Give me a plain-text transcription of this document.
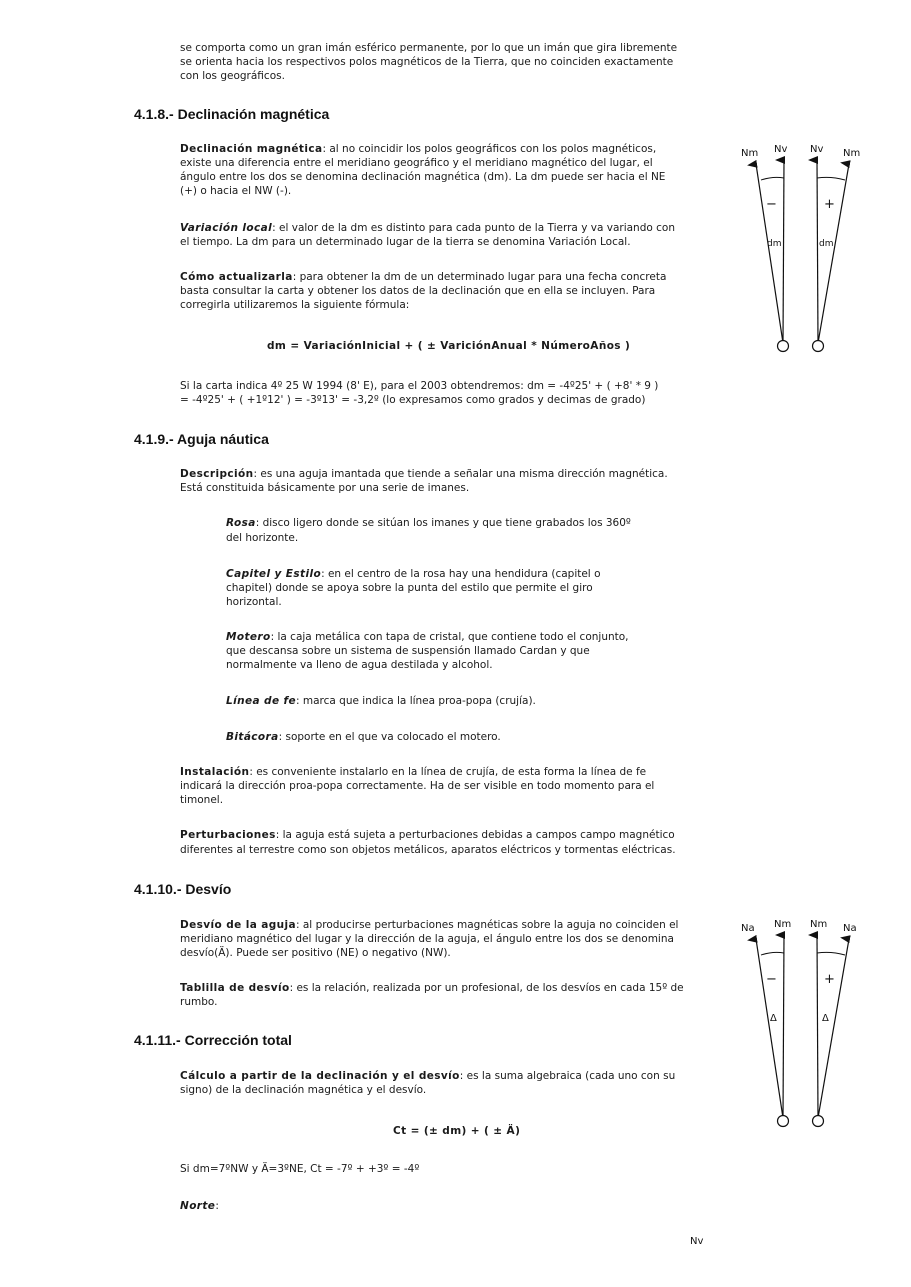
se comporta como un gran imán esférico permanente, por lo que un imán que gira libremente
se orienta hacia los respectivos polos magnéticos de la Tierra, que no coinciden exactamente
con los geográficos.
4.1.8.- Declinación magnética
Declinación magnética: al no coincidir los polos geográficos con los polos magnéticos,
existe una diferencia entre el meridiano geográfico y el meridiano magnético del lugar, el
ángulo entre los dos se denomina declinación magnética (dm). La dm puede ser hacia el NE
(+) o hacia el NW (-).
Variación local: el valor de la dm es distinto para cada punto de la Tierra y va variando con
el tiempo. La dm para un determinado lugar de la tierra se denomina Variación Local.
Cómo actualizarla: para obtener la dm de un determinado lugar para una fecha concreta
basta consultar la carta y obtener los datos de la declinación que en ella se incluyen. Para
corregirla utilizaremos la siguiente fórmula:
dm = VariaciónInicial + ( ± VariciónAnual * NúmeroAños )
Si la carta indica 4º 25 W 1994 (8' E), para el 2003 obtendremos: dm = -4º25' + ( +8' * 9 )
= -4º25' + ( +1º12' ) = -3º13' = -3,2º (lo expresamos como grados y decimas de grado)
Nm Nv
−
dm
Nm
Nv
+
dm
4.1.9.- Aguja náutica
Descripción: es una aguja imantada que tiende a señalar una misma dirección magnética.
Está constituida básicamente por una serie de imanes.
Rosa: disco ligero donde se sitúan los imanes y que tiene grabados los 360º
del horizonte.
Capitel y Estilo: en el centro de la rosa hay una hendidura (capitel o
chapitel) donde se apoya sobre la punta del estilo que permite el giro
horizontal.
Motero: la caja metálica con tapa de cristal, que contiene todo el conjunto,
que descansa sobre un sistema de suspensión llamado Cardan y que
normalmente va lleno de agua destilada y alcohol.
Línea de fe: marca que indica la línea proa-popa (crujía).
Bitácora: soporte en el que va colocado el motero.
Instalación: es conveniente instalarlo en la línea de crujía, de esta forma la línea de fe
indicará la dirección proa-popa correctamente. Ha de ser visible en todo momento para el
timonel.
Perturbaciones: la aguja está sujeta a perturbaciones debidas a campos campo magnético
diferentes al terrestre como son objetos metálicos, aparatos eléctricos y tormentas eléctricas.
4.1.10.- Desvío
Desvío de la aguja: al producirse perturbaciones magnéticas sobre la aguja no coinciden el
meridiano magnético del lugar y la dirección de la aguja, el ángulo entre los dos se denomina
desvío(Ä). Puede ser positivo (NE) o negativo (NW).
Tablilla de desvío: es la relación, realizada por un profesional, de los desvíos en cada 15º de
rumbo.
Na Nm
−
Δ
Na
Nm
+
Δ
4.1.11.- Corrección total
Cálculo a partir de la declinación y el desvío: es la suma algebraica (cada uno con su
signo) de la declinación magnética y el desvío.
Ct = (± dm) + ( ± Ä)
Si dm=7ºNW y Ä=3ºNE, Ct = -7º + +3º = -4º
Norte:
Nv
